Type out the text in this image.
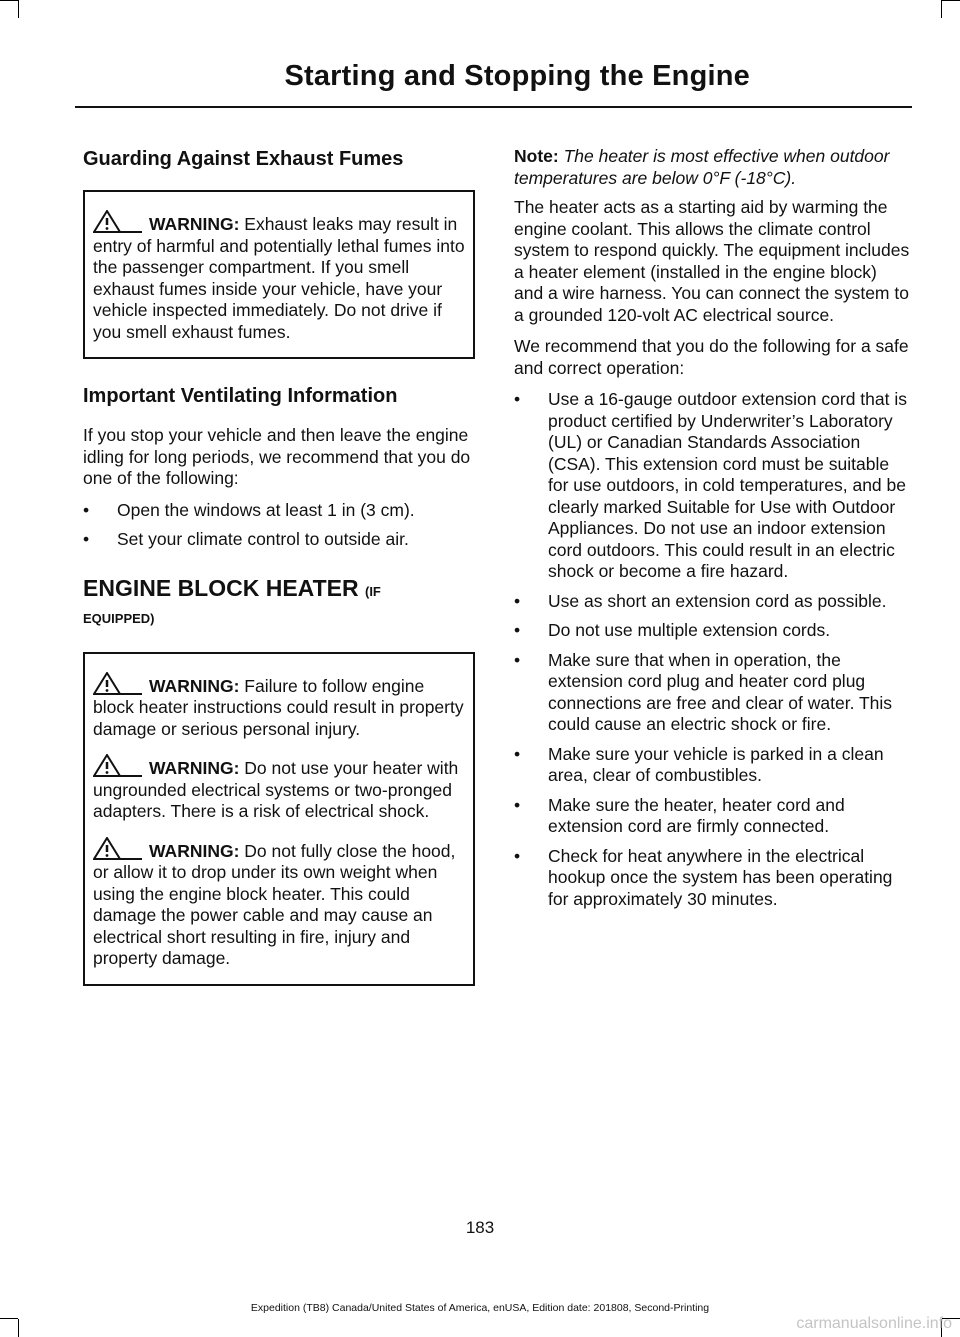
Starting and Stopping the Engine
Guarding Against Exhaust Fumes
WARNING: Exhaust leaks may result in entry of harmful and potentially lethal fumes into the passenger compartment. If you smell exhaust fumes inside your vehicle, have your vehicle inspected immediately. Do not drive if you smell exhaust fumes.
Important Ventilating Information

If you stop your vehicle and then leave the engine idling for long periods, we recommend that you do one of the following:

• Open the windows at least 1 in (3 cm).
• Set your climate control to outside air.
ENGINE BLOCK HEATER (IF
EQUIPPED)
WARNING: Failure to follow engine block heater instructions could result in property damage or serious personal injury.
WARNING: Do not use your heater with ungrounded electrical systems or two-pronged adapters. There is a risk of electrical shock.
WARNING: Do not fully close the hood, or allow it to drop under its own weight when using the engine block heater. This could damage the power cable and may cause an electrical short resulting in fire, injury and property damage.

Note: The heater is most effective when outdoor temperatures are below 0°F (-18°C).

The heater acts as a starting aid by warming the engine coolant. This allows the climate control system to respond quickly. The equipment includes a heater element (installed in the engine block) and a wire harness. You can connect the system to a grounded 120-volt AC electrical source.

We recommend that you do the following for a safe and correct operation:

• Use a 16-gauge outdoor extension cord that is product certified by Underwriter’s Laboratory (UL) or Canadian Standards Association (CSA). This extension cord must be suitable for use outdoors, in cold temperatures, and be clearly marked Suitable for Use with Outdoor Appliances. Do not use an indoor extension cord outdoors. This could result in an electric shock or become a fire hazard.
• Use as short an extension cord as possible.
• Do not use multiple extension cords.
• Make sure that when in operation, the extension cord plug and heater cord plug connections are free and clear of water. This could cause an electric shock or fire.
• Make sure your vehicle is parked in a clean area, clear of combustibles.
• Make sure the heater, heater cord and extension cord are firmly connected.
• Check for heat anywhere in the electrical hookup once the system has been operating for approximately 30 minutes.
183
Expedition (TB8) Canada/United States of America, enUSA, Edition date: 201808, Second-Printing
carmanualsonline.info
